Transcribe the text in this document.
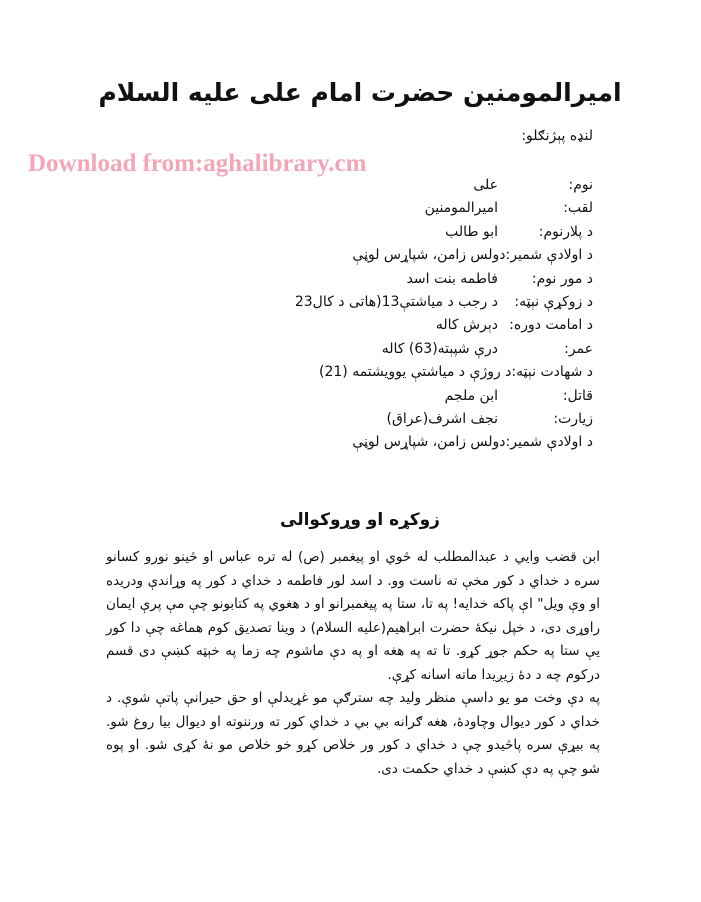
اميرالمومنين حضرت امام علی علیه السلام
لنډه پېژنګلو:
Download from:aghalibrary.cm
نوم:
علی
لقب:
اميرالمومنين
د پلارنوم:
ابو طالب
د اولادې شمير:
دولس زامن، شپاړس لوڼې
د مور نوم:
فاطمه بنت اسد
د زوکړې نېټه:
د رجب د مياشتې13(هاتی د کال23
د امامت دوره:
دېرش کاله
عمر:
درې شپېته(63) کاله
د شهادت نېټه:
د روژې د مياشتې يوويشتمه (21)
قاتل:
ابن ملجم
زيارت:
نجف اشرف(عراق)
د اولادې شمير:
دولس زامن، شپاړس لوڼې
زوکړه او وړوکوالی

ابن قضب وايي د عبدالمطلب له څوي او پيغمبر (ص) له تره عباس او څينو نورو کسانو سره د خداي د کور مخې ته ناست وو. د اسد لور فاطمه د خداي د کور په وړاندې ودريده او وې ويل" اې پاکه خدايه! په تا، ستا په پيغمبرانو او د هغوي په کتابونو چې مې پرې ايمان راوړی دی، د خپل نيکۀ حضرت ابراهيم(عليه السلام) د وينا تصديق کوم هماغه چې دا کور يې ستا په حکم جوړ کړو. تا ته په هغه او په دې ماشوم چه زما په خېټه کښې دی قسم درکوم چه د دۀ زيږيدا ماته اسانه کړې.

په دې وخت مو يو داسې منظر وليد چه سترګې مو غړيدلې او حق حيرانې پاتې شوې. د خداي د کور ديوال وچاودۀ، هغه ګرانه بي بي د خداي کور ته ورننوته او ديوال بيا روغ شو. په بيړې سره پاڅيدو چې د خداي د کور ور خلاص کړو خو خلاص مو نۀ کړی شو. او پوه شو چې په دې کښې د خداي حکمت دی.
